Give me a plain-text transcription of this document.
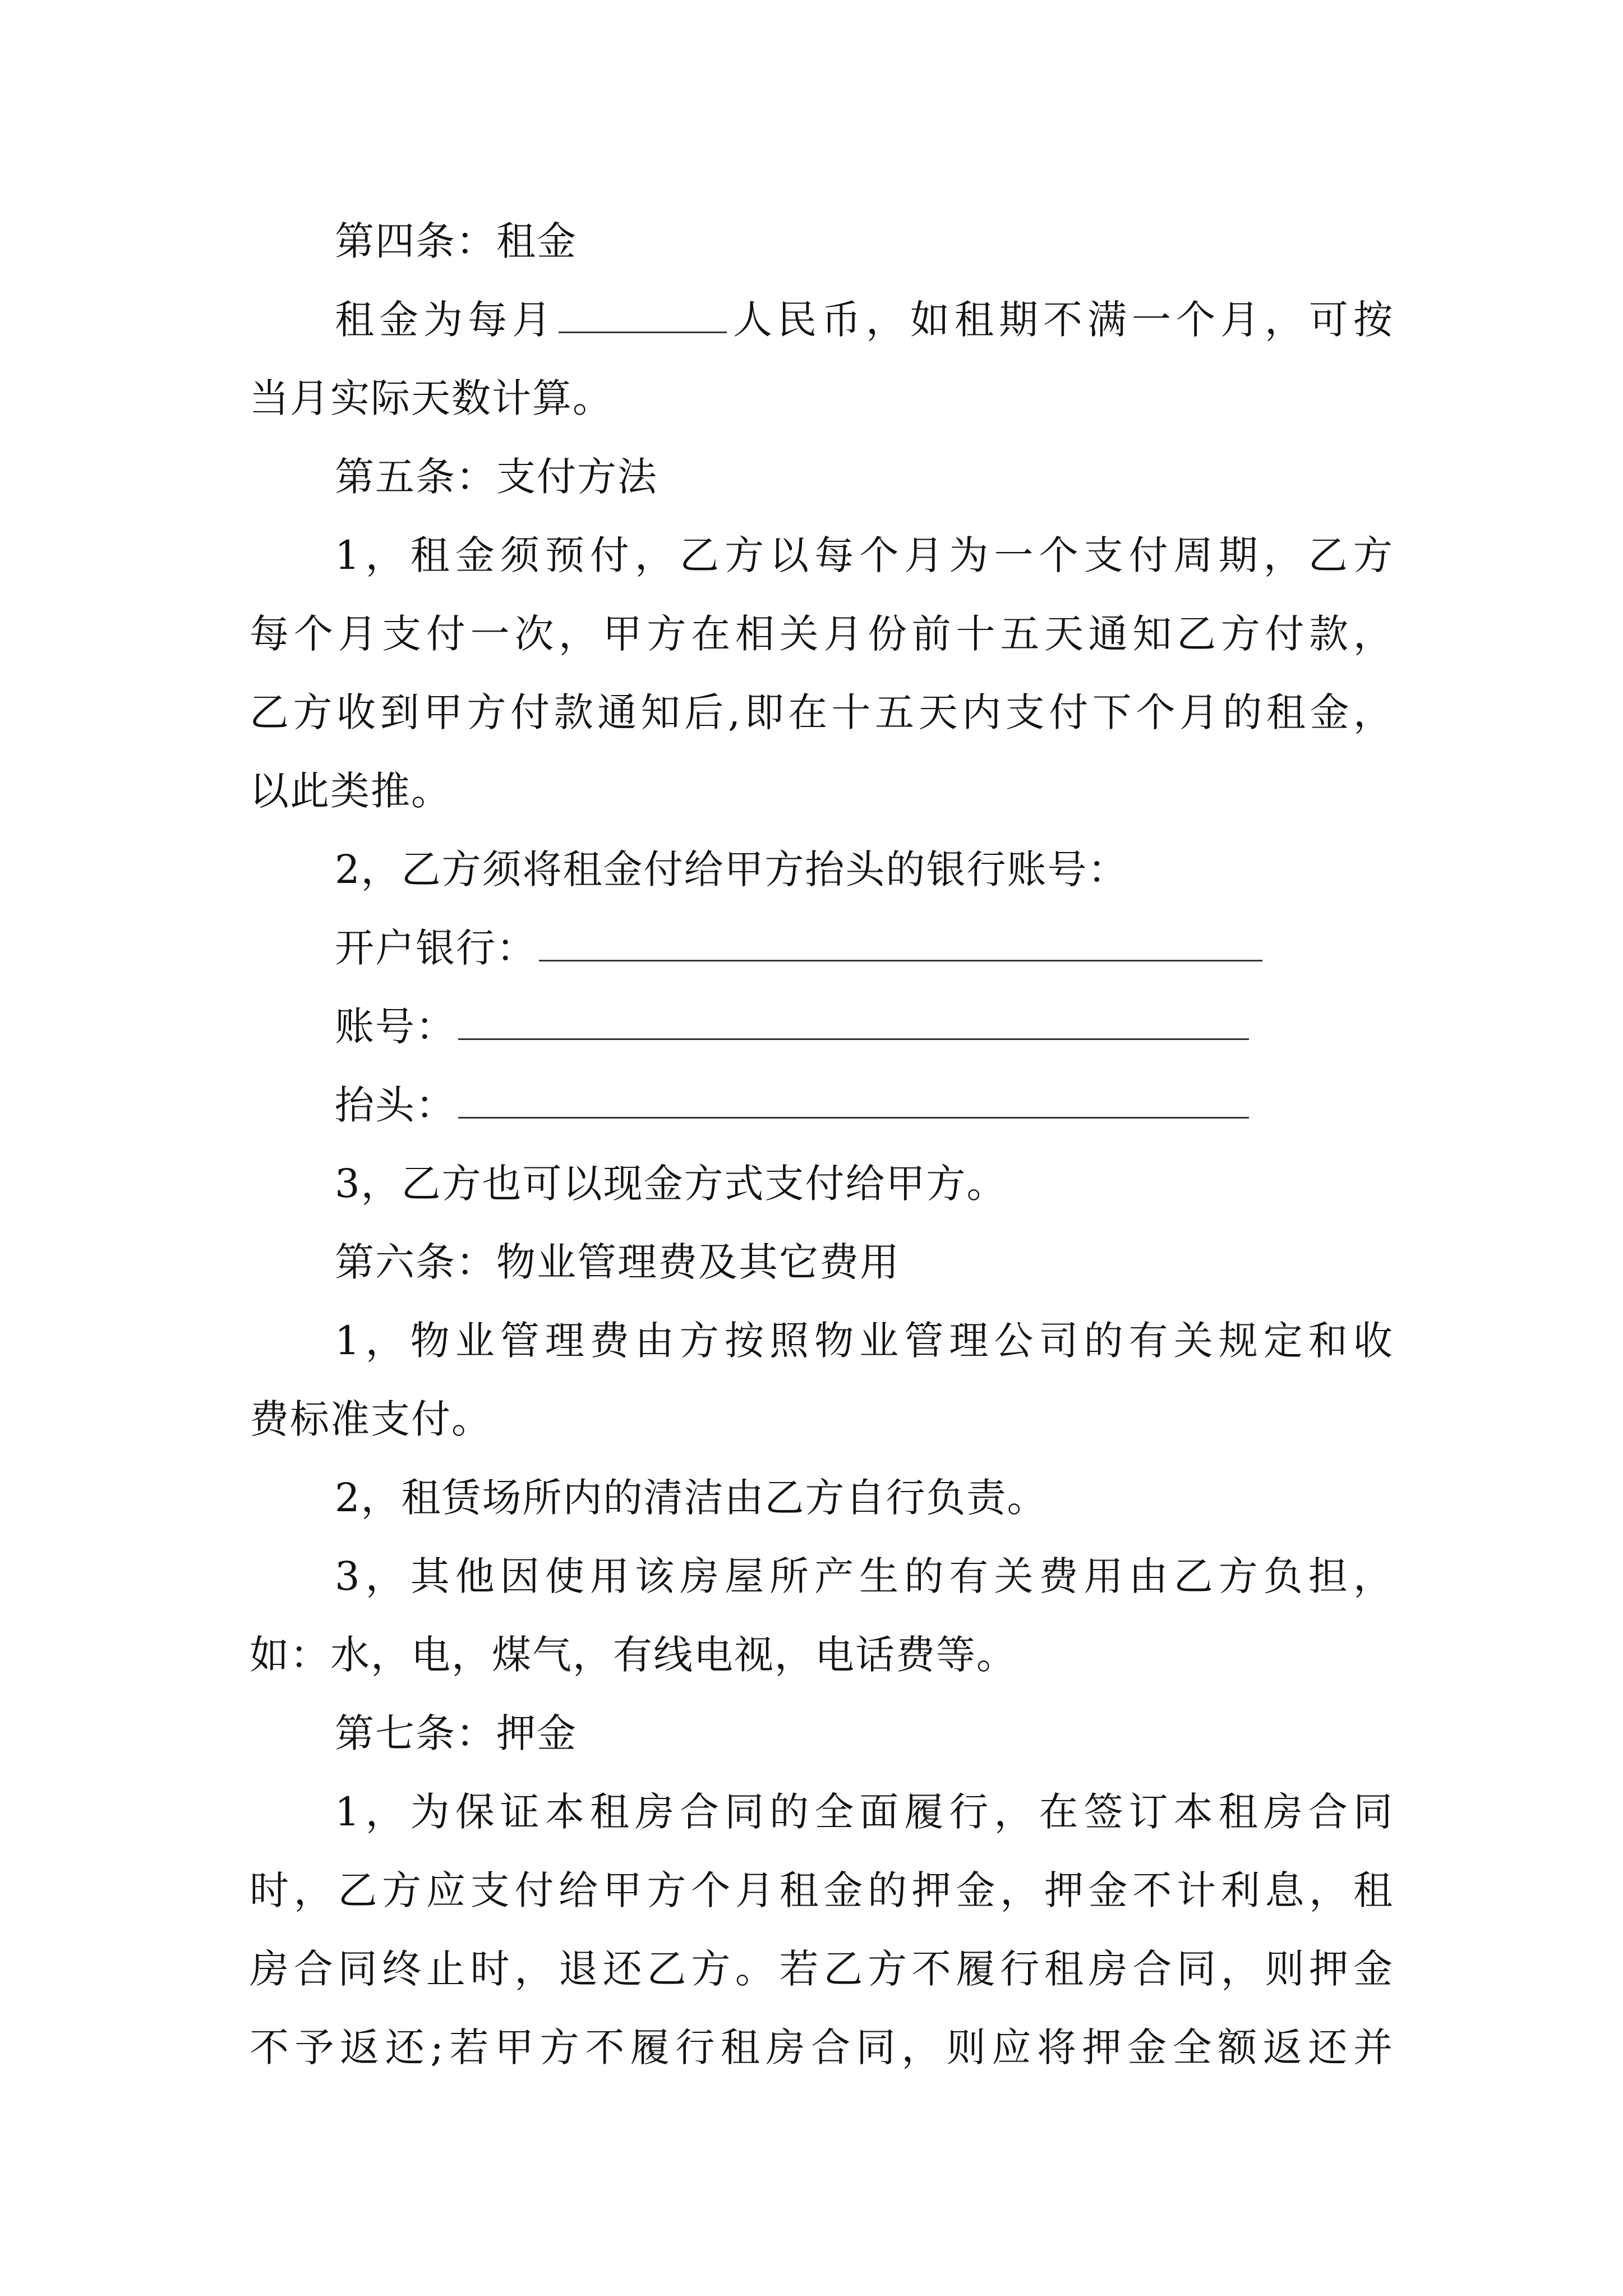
第四条：租金
租金为每月	人民币，如租期不满一个月，可按
当月实际天数计算。
第五条：支付方法
1，租金须预付，乙方以每个月为一个支付周期，乙方
每个月支付一次，甲方在相关月份前十五天通知乙方付款，
乙方收到甲方付款通知后,即在十五天内支付下个月的租金，
以此类推。
2，乙方须将租金付给甲方抬头的银行账号：
开户银行：
账号：
抬头：
3，乙方也可以现金方式支付给甲方。
第六条：物业管理费及其它费用
1，物业管理费由方按照物业管理公司的有关规定和收
费标准支付。
2，租赁场所内的清洁由乙方自行负责。
3，其他因使用该房屋所产生的有关费用由乙方负担，
如：水，电，煤气，有线电视，电话费等。
第七条：押金
1，为保证本租房合同的全面履行，在签订本租房合同
时，乙方应支付给甲方个月租金的押金，押金不计利息，租
房合同终止时，退还乙方。若乙方不履行租房合同，则押金
不予返还;若甲方不履行租房合同，则应将押金全额返还并
